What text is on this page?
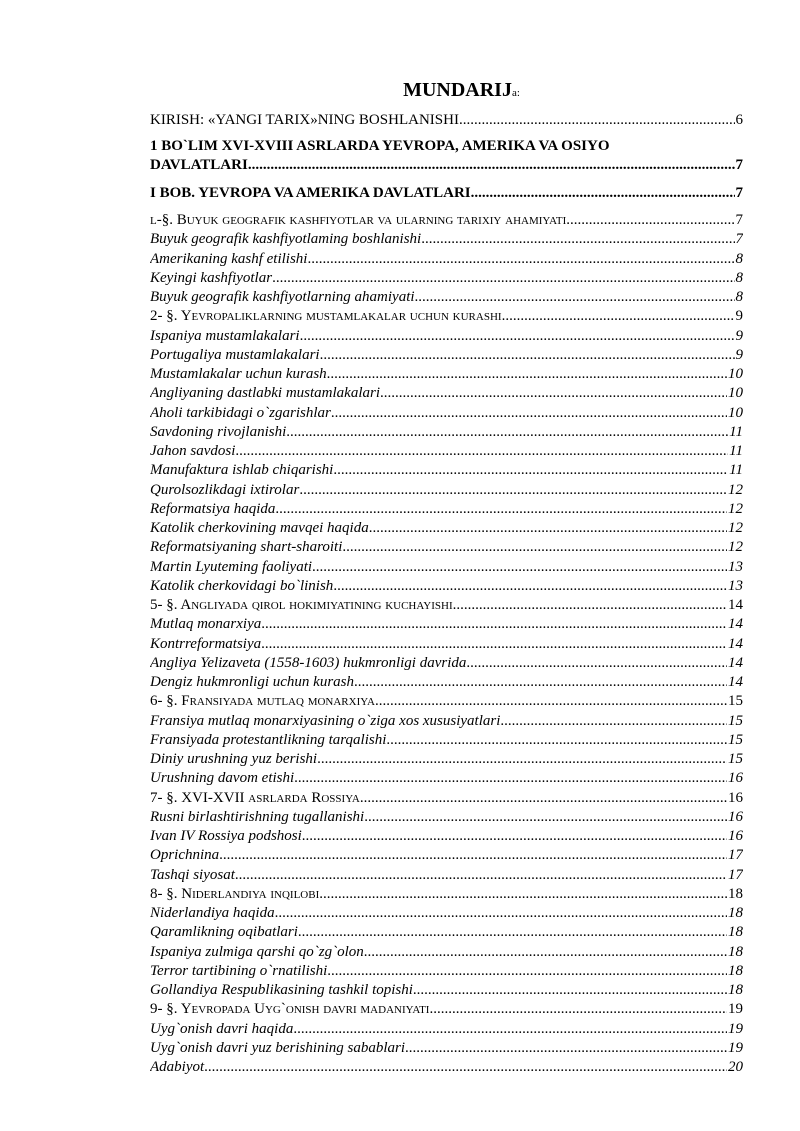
MUNDARIJa:
KIRISH: «YANGI TARIX»NING BOSHLANISHI .....	6
1 BO`LIM XVI-XVIII ASRLARDA YEVROPA, AMERIKA VA OSIYO
DAVLATLARI .....	7
I BOB. YEVROPA VA AMERIKA DAVLATLARI .....	7
l-§. Buyuk geografik kashfiyotlar va ularning tarixiy ahamiyati .....	7
Buyuk geografik kashfiyotlaming boshlanishi .....	7
Amerikaning kashf etilishi .....	8
Keyingi kashfiyotlar .....	8
Buyuk geografik kashfiyotlarning ahamiyati .....	8
2- §. Yevropaliklarning mustamlakalar uchun kurashi .....	9
Ispaniya mustamlakalari .....	9
Portugaliya mustamlakalari .....	9
Mustamlakalar uchun kurash .....	10
Angliyaning dastlabki mustamlakalari .....	10
Aholi tarkibidagi o`zgarishlar .....	10
Savdoning rivojlanishi .....	11
Jahon savdosi .....	11
Manufaktura ishlab chiqarishi .....	11
Qurolsozlikdagi ixtirolar .....	12
Reformatsiya haqida .....	12
Katolik cherkovining mavqei haqida .....	12
Reformatsiyaning shart-sharoiti .....	12
Martin Lyuteming faoliyati .....	13
Katolik cherkovidagi bo`linish .....	13
5- §. Angliyada qirol hokimiyatining kuchayishi .....	14
Mutlaq monarxiya .....	14
Kontrreformatsiya .....	14
Angliya Yelizaveta (1558-1603) hukmronligi davrida .....	14
Dengiz hukmronligi uchun kurash .....	14
6- §. Fransiyada mutlaq monarxiya .....	15
Fransiya mutlaq monarxiyasining o`ziga xos xususiyatlari .....	15
Fransiyada protestantlikning tarqalishi .....	15
Diniy urushning yuz berishi .....	15
Urushning davom etishi .....	16
7- §. XVI-XVII asrlarda Rossiya .....	16
Rusni birlashtirishning tugallanishi .....	16
Ivan IV Rossiya podshosi .....	16
Oprichnina .....	17
Tashqi siyosat .....	17
8- §. Niderlandiya inqilobi .....	18
Niderlandiya haqida .....	18
Qaramlikning oqibatlari .....	18
Ispaniya zulmiga qarshi qo`zg`olon .....	18
Terror tartibining o`rnatilishi .....	18
Gollandiya Respublikasining tashkil topishi .....	18
9- §. Yevropada Uyg`onish davri madaniyati .....	19
Uyg`onish davri haqida .....	19
Uyg`onish davri yuz berishining sabablari .....	19
Adabiyot .....	20
